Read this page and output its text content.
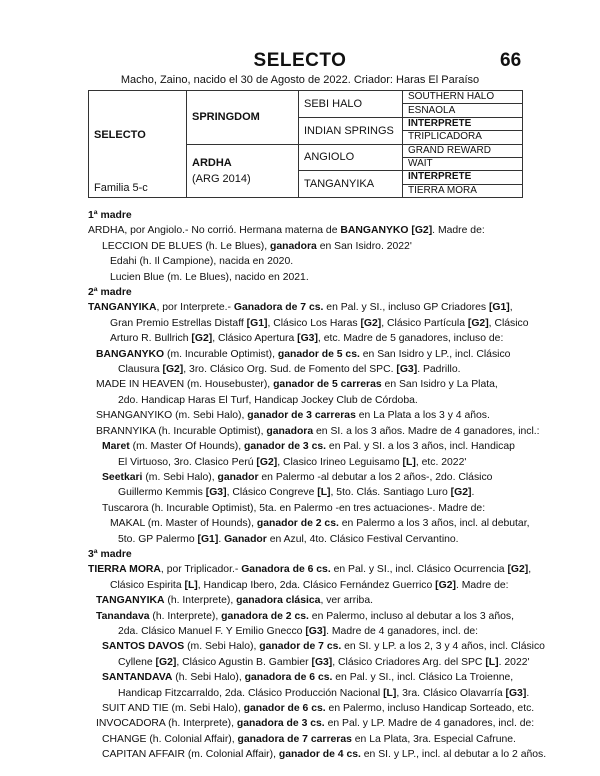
SELECTO	66
Macho, Zaino, nacido el 30 de Agosto de 2022. Criador: Haras El Paraíso
SELECTO
Familia 5-c	SPRINGDOM	SEBI HALO	SOUTHERN HALO
			ESNAOLA
		INDIAN SPRINGS	INTERPRETE
			TRIPLICADORA

	ARDHA
(ARG 2014)	ANGIOLO	GRAND REWARD
			WAIT
		TANGANYIKA	INTERPRETE
			TIERRA MORA

1ª madre

ARDHA, por Angiolo.- No corrió. Hermana materna de BANGANYKO [G2]. Madre de:

LECCION DE BLUES (h. Le Blues), ganadora en San Isidro. 2022'

Edahi (h. Il Campione), nacida en 2020.

Lucien Blue (m. Le Blues), nacido en 2021.

2ª madre

TANGANYIKA, por Interprete.- Ganadora de 7 cs. en Pal. y SI., incluso GP Criadores [G1],

Gran Premio Estrellas Distaff [G1], Clásico Los Haras [G2], Clásico Partícula [G2], Clásico

Arturo R. Bullrich [G2], Clásico Apertura [G3], etc. Madre de 5 ganadores, incluso de:

BANGANYKO (m. Incurable Optimist), ganador de 5 cs. en San Isidro y LP., incl. Clásico

Clausura [G2], 3ro. Clásico Org. Sud. de Fomento del SPC. [G3]. Padrillo.

MADE IN HEAVEN (m. Housebuster), ganador de 5 carreras en San Isidro y La Plata,

2do. Handicap Haras El Turf, Handicap Jockey Club de Córdoba.

SHANGANYIKO (m. Sebi Halo), ganador de 3 carreras en La Plata a los 3 y 4 años.

BRANNYIKA (h. Incurable Optimist), ganadora en SI. a los 3 años. Madre de 4 ganadores, incl.:

Maret (m. Master Of Hounds), ganador de 3 cs. en Pal. y SI. a los 3 años, incl. Handicap

El Virtuoso, 3ro. Clasico Perú [G2], Clasico Irineo Leguisamo [L], etc. 2022'

Seetkari (m. Sebi Halo), ganador en Palermo -al debutar a los 2 años-, 2do. Clásico

Guillermo Kemmis [G3], Clásico Congreve [L], 5to. Clás. Santiago Luro [G2].

Tuscarora (h. Incurable Optimist), 5ta. en Palermo -en tres actuaciones-. Madre de:

MAKAL (m. Master of Hounds), ganador de 2 cs. en Palermo a los 3 años, incl. al debutar,

5to. GP Palermo [G1]. Ganador en Azul, 4to. Clásico Festival Cervantino.

3ª madre

TIERRA MORA, por Triplicador.- Ganadora de 6 cs. en Pal. y SI., incl. Clásico Ocurrencia [G2],

Clásico Espirita [L], Handicap Ibero, 2da. Clásico Fernández Guerrico [G2]. Madre de:

TANGANYIKA (h. Interprete), ganadora clásica, ver arriba.

Tanandava (h. Interprete), ganadora de 2 cs. en Palermo, incluso al debutar a los 3 años,

2da. Clásico Manuel F. Y Emilio Gnecco [G3]. Madre de 4 ganadores, incl. de:

SANTOS DAVOS (m. Sebi Halo), ganador de 7 cs. en SI. y LP. a los 2, 3 y 4 años, incl. Clásico

Cyllene [G2], Clásico Agustin B. Gambier [G3], Clásico Criadores Arg. del SPC [L]. 2022'

SANTANDAVA (h. Sebi Halo), ganadora de 6 cs. en Pal. y SI., incl. Clásico La Troienne,

Handicap Fitzcarraldo, 2da. Clásico Producción Nacional [L], 3ra. Clásico Olavarría [G3].

SUIT AND TIE (m. Sebi Halo), ganador de 6 cs. en Palermo, incluso Handicap Sorteado, etc.

INVOCADORA (h. Interprete), ganadora de 3 cs. en Pal. y LP. Madre de 4 ganadores, incl. de:

CHANGE (h. Colonial Affair), ganadora de 7 carreras en La Plata, 3ra. Especial Cafrune.

CAPITAN AFFAIR (m. Colonial Affair), ganador de 4 cs. en SI. y LP., incl. al debutar a lo 2 años.
